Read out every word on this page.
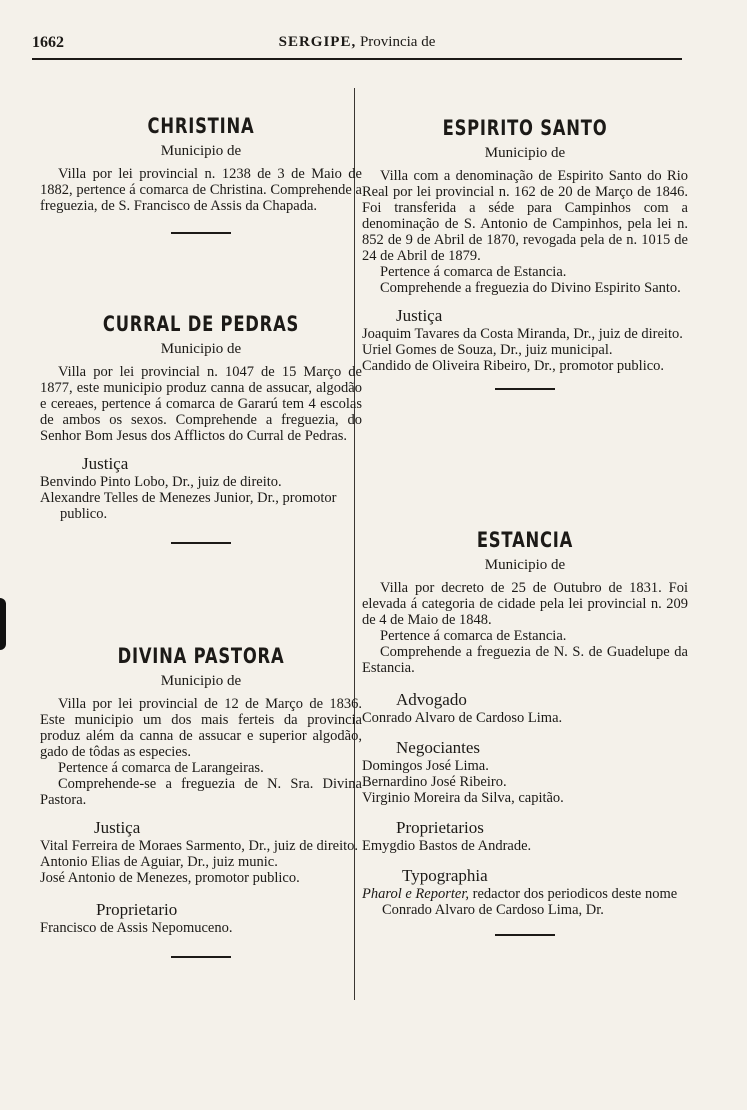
1662	SERGIPE, Provincia de
CHRISTINA
Municipio de

Villa por lei provincial n. 1238 de 3 de Maio de 1882, pertence á comarca de Christina. Comprehende a freguezia, de S. Francisco de Assis da Chapada.

CURRAL DE PEDRAS
Municipio de

Villa por lei provincial n. 1047 de 15 Março de 1877, este municipio produz canna de assucar, algodão e cereaes, pertence á comarca de Gararú tem 4 escolas de ambos os sexos. Comprehende a freguezia, do Senhor Bom Jesus dos Afflictos do Curral de Pedras.

Justiça

Benvindo Pinto Lobo, Dr., juiz de direito.

Alexandre Telles de Menezes Junior, Dr., promotor publico.

DIVINA PASTORA
Municipio de

Villa por lei provincial de 12 de Março de 1836. Este municipio um dos mais ferteis da provincia produz além da canna de assucar e superior algodão, gado de tôdas as especies.

Pertence á comarca de Larangeiras.

Comprehende-se a freguezia de N. Sra. Divina Pastora.

Justiça

Vital Ferreira de Moraes Sarmento, Dr., juiz de direito.

Antonio Elias de Aguiar, Dr., juiz munic.

José Antonio de Menezes, promotor publico.

Proprietario

Francisco de Assis Nepomuceno.

ESPIRITO SANTO
Municipio de

Villa com a denominação de Espirito Santo do Rio Real por lei provincial n. 162 de 20 de Março de 1846. Foi transferida a séde para Campinhos com a denominação de S. Antonio de Campinhos, pela lei n. 852 de 9 de Abril de 1870, revogada pela de n. 1015 de 24 de Abril de 1879.

Pertence á comarca de Estancia.

Comprehende a freguezia do Divino Espirito Santo.

Justiça

Joaquim Tavares da Costa Miranda, Dr., juiz de direito.

Uriel Gomes de Souza, Dr., juiz municipal.

Candido de Oliveira Ribeiro, Dr., promotor publico.

ESTANCIA
Municipio de

Villa por decreto de 25 de Outubro de 1831. Foi elevada á categoria de cidade pela lei provincial n. 209 de 4 de Maio de 1848.

Pertence á comarca de Estancia.

Comprehende a freguezia de N. S. de Guadelupe da Estancia.

Advogado

Conrado Alvaro de Cardoso Lima.

Negociantes

Domingos José Lima.

Bernardino José Ribeiro.

Virginio Moreira da Silva, capitão.

Proprietarios

Emygdio Bastos de Andrade.

Typographia

Pharol e Reporter, redactor dos periodicos deste nome Conrado Alvaro de Cardoso Lima, Dr.
